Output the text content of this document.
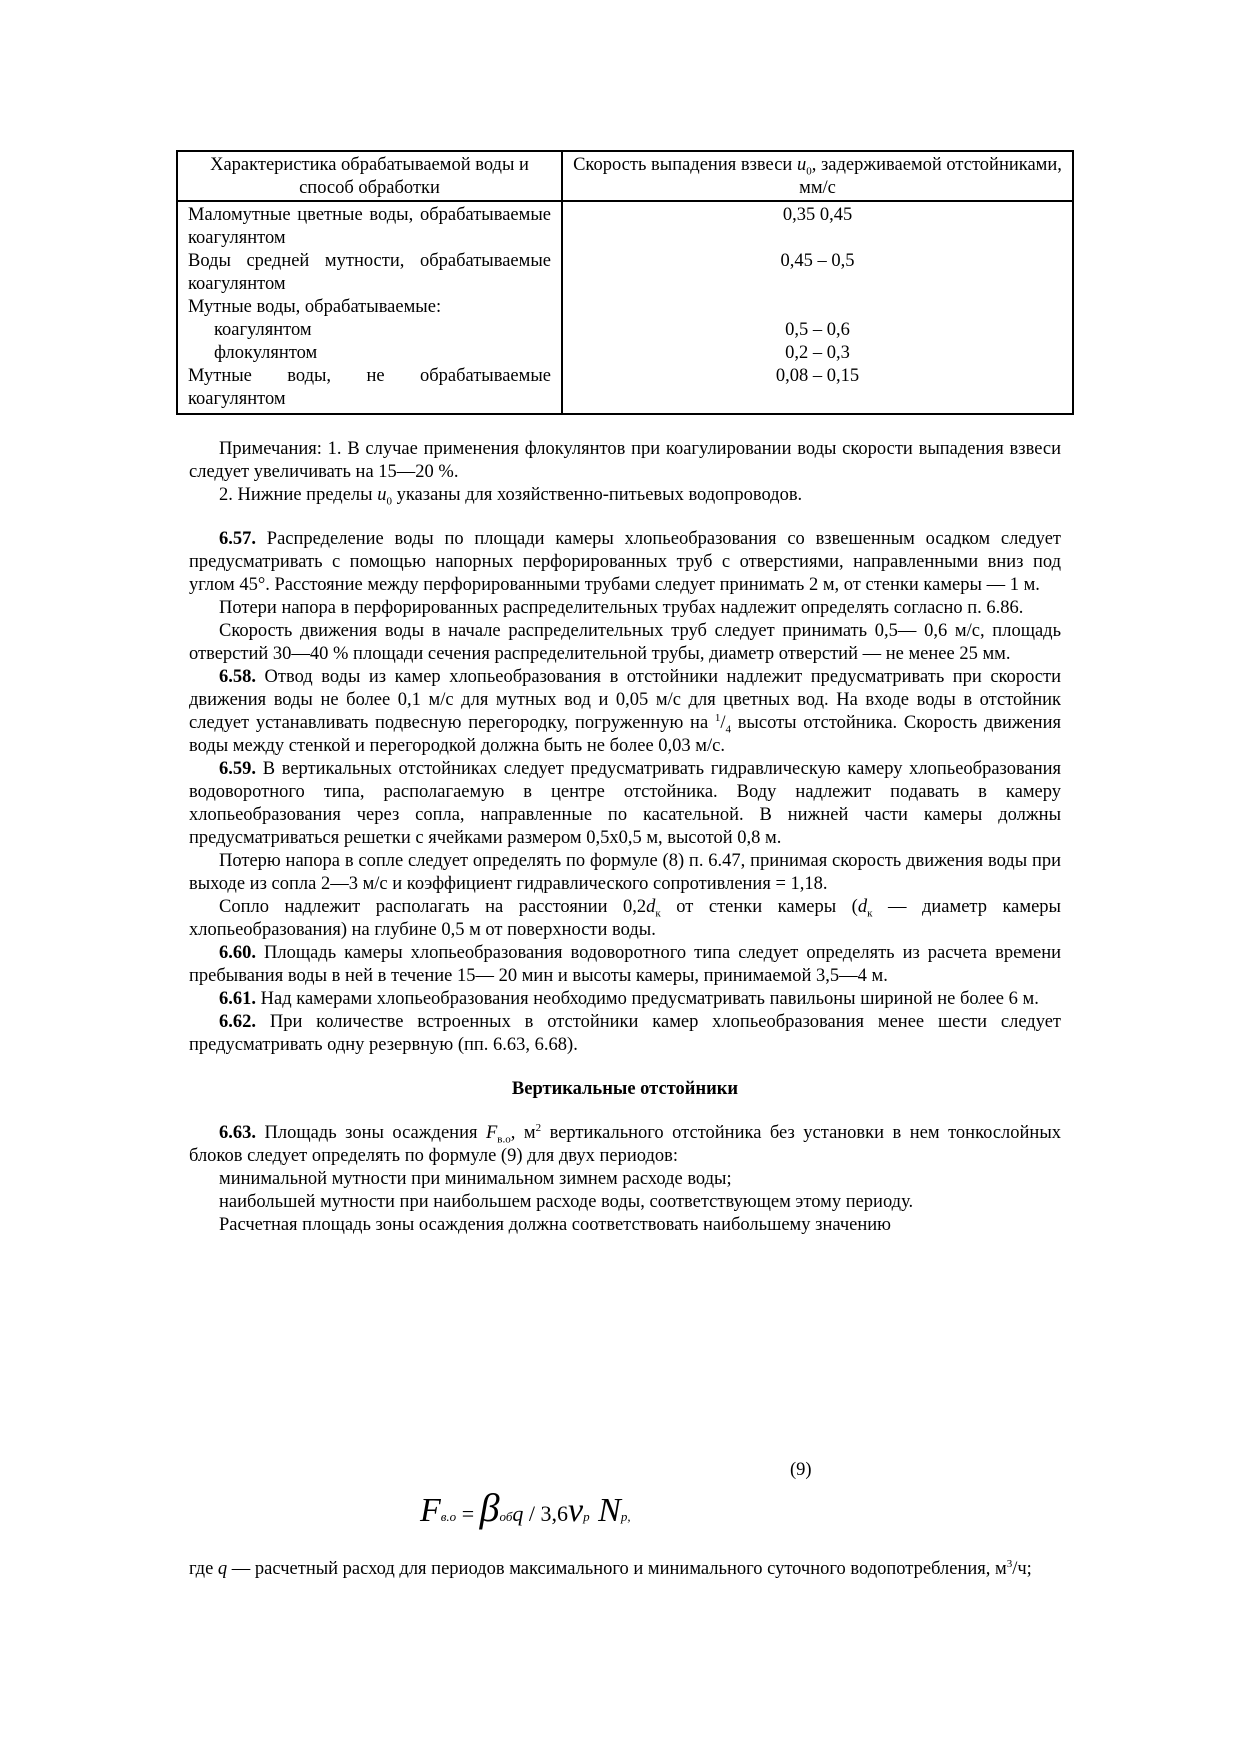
Характеристика обрабатываемой воды и способ обработки	Скорость выпадения взвеси $u_0$, задерживаемой отстойниками, мм/с
Маломутные цветные воды, обрабатываемые коагулянтом	0,35 0,45
Воды средней мутности, обрабатываемые коагулянтом	0,45 – 0,5
Мутные воды, обрабатываемые:	

коагулянтом	0,5 – 0,6

флокулянтом	0,2 – 0,3
Мутные воды, не обрабатываемые коагулянтом	0,08 – 0,15

Примечания: 1. В случае применения флокулянтов при коагулировании воды скорости выпадения взвеси следует увеличивать на 15—20 %.

2. Нижние пределы $u_0$ указаны для хозяйственно-питьевых водопроводов.

6.57. Распределение воды по площади камеры хлопьеобразования со взвешенным осадком следует предусматривать с помощью напорных перфорированных труб с отверстиями, направленными вниз под углом 45°. Расстояние между перфорированными трубами следует принимать 2 м, от стенки камеры — 1 м.

Потери напора в перфорированных распределительных трубах надлежит определять согласно п. 6.86.

Скорость движения воды в начале распределительных труб следует принимать 0,5— 0,6 м/с, площадь отверстий 30—40 % площади сечения распределительной трубы, диаметр отверстий — не менее 25 мм.

6.58. Отвод воды из камер хлопьеобразования в отстойники надлежит предусматривать при скорости движения воды не более 0,1 м/с для мутных вод и 0,05 м/с для цветных вод. На входе воды в отстойник следует устанавливать подвесную перегородку, погруженную на $^1/_4$ высоты отстойника. Скорость движения воды между стенкой и перегородкой должна быть не более 0,03 м/с.

6.59. В вертикальных отстойниках следует предусматривать гидравлическую камеру хлопьеобразования водоворотного типа, располагаемую в центре отстойника. Воду надлежит подавать в камеру хлопьеобразования через сопла, направленные по касательной. В нижней части камеры должны предусматриваться решетки с ячейками размером 0,5х0,5 м, высотой 0,8 м.

Потерю напора в сопле следует определять по формуле (8) п. 6.47, принимая скорость движения воды при выходе из сопла 2—3 м/с и коэффициент гидравлического сопротивления = 1,18.

Сопло надлежит располагать на расстоянии $0,2d_к$ от стенки камеры ($d_к$ — диаметр камеры хлопьеобразования) на глубине 0,5 м от поверхности воды.

6.60. Площадь камеры хлопьеобразования водоворотного типа следует определять из расчета времени пребывания воды в ней в течение 15— 20 мин и высоты камеры, принимаемой 3,5—4 м.

6.61. Над камерами хлопьеобразования необходимо предусматривать павильоны шириной не более 6 м.

6.62. При количестве встроенных в отстойники камер хлопьеобразования менее шести следует предусматривать одну резервную (пп. 6.63, 6.68).

Вертикальные отстойники

6.63. Площадь зоны осаждения $F_{в.о}$, $м^2$ вертикального отстойника без установки в нем тонкослойных блоков следует определять по формуле (9) для двух периодов:

минимальной мутности при минимальном зимнем расходе воды;

наибольшей мутности при наибольшем расходе воды, соответствующем этому периоду.

Расчетная площадь зоны осаждения должна соответствовать наибольшему значению

(9)
Fв.о = βобq / 3,6vр Nр,

где q — расчетный расход для периодов максимального и минимального суточного водопотребления, $м^3/ч$;
